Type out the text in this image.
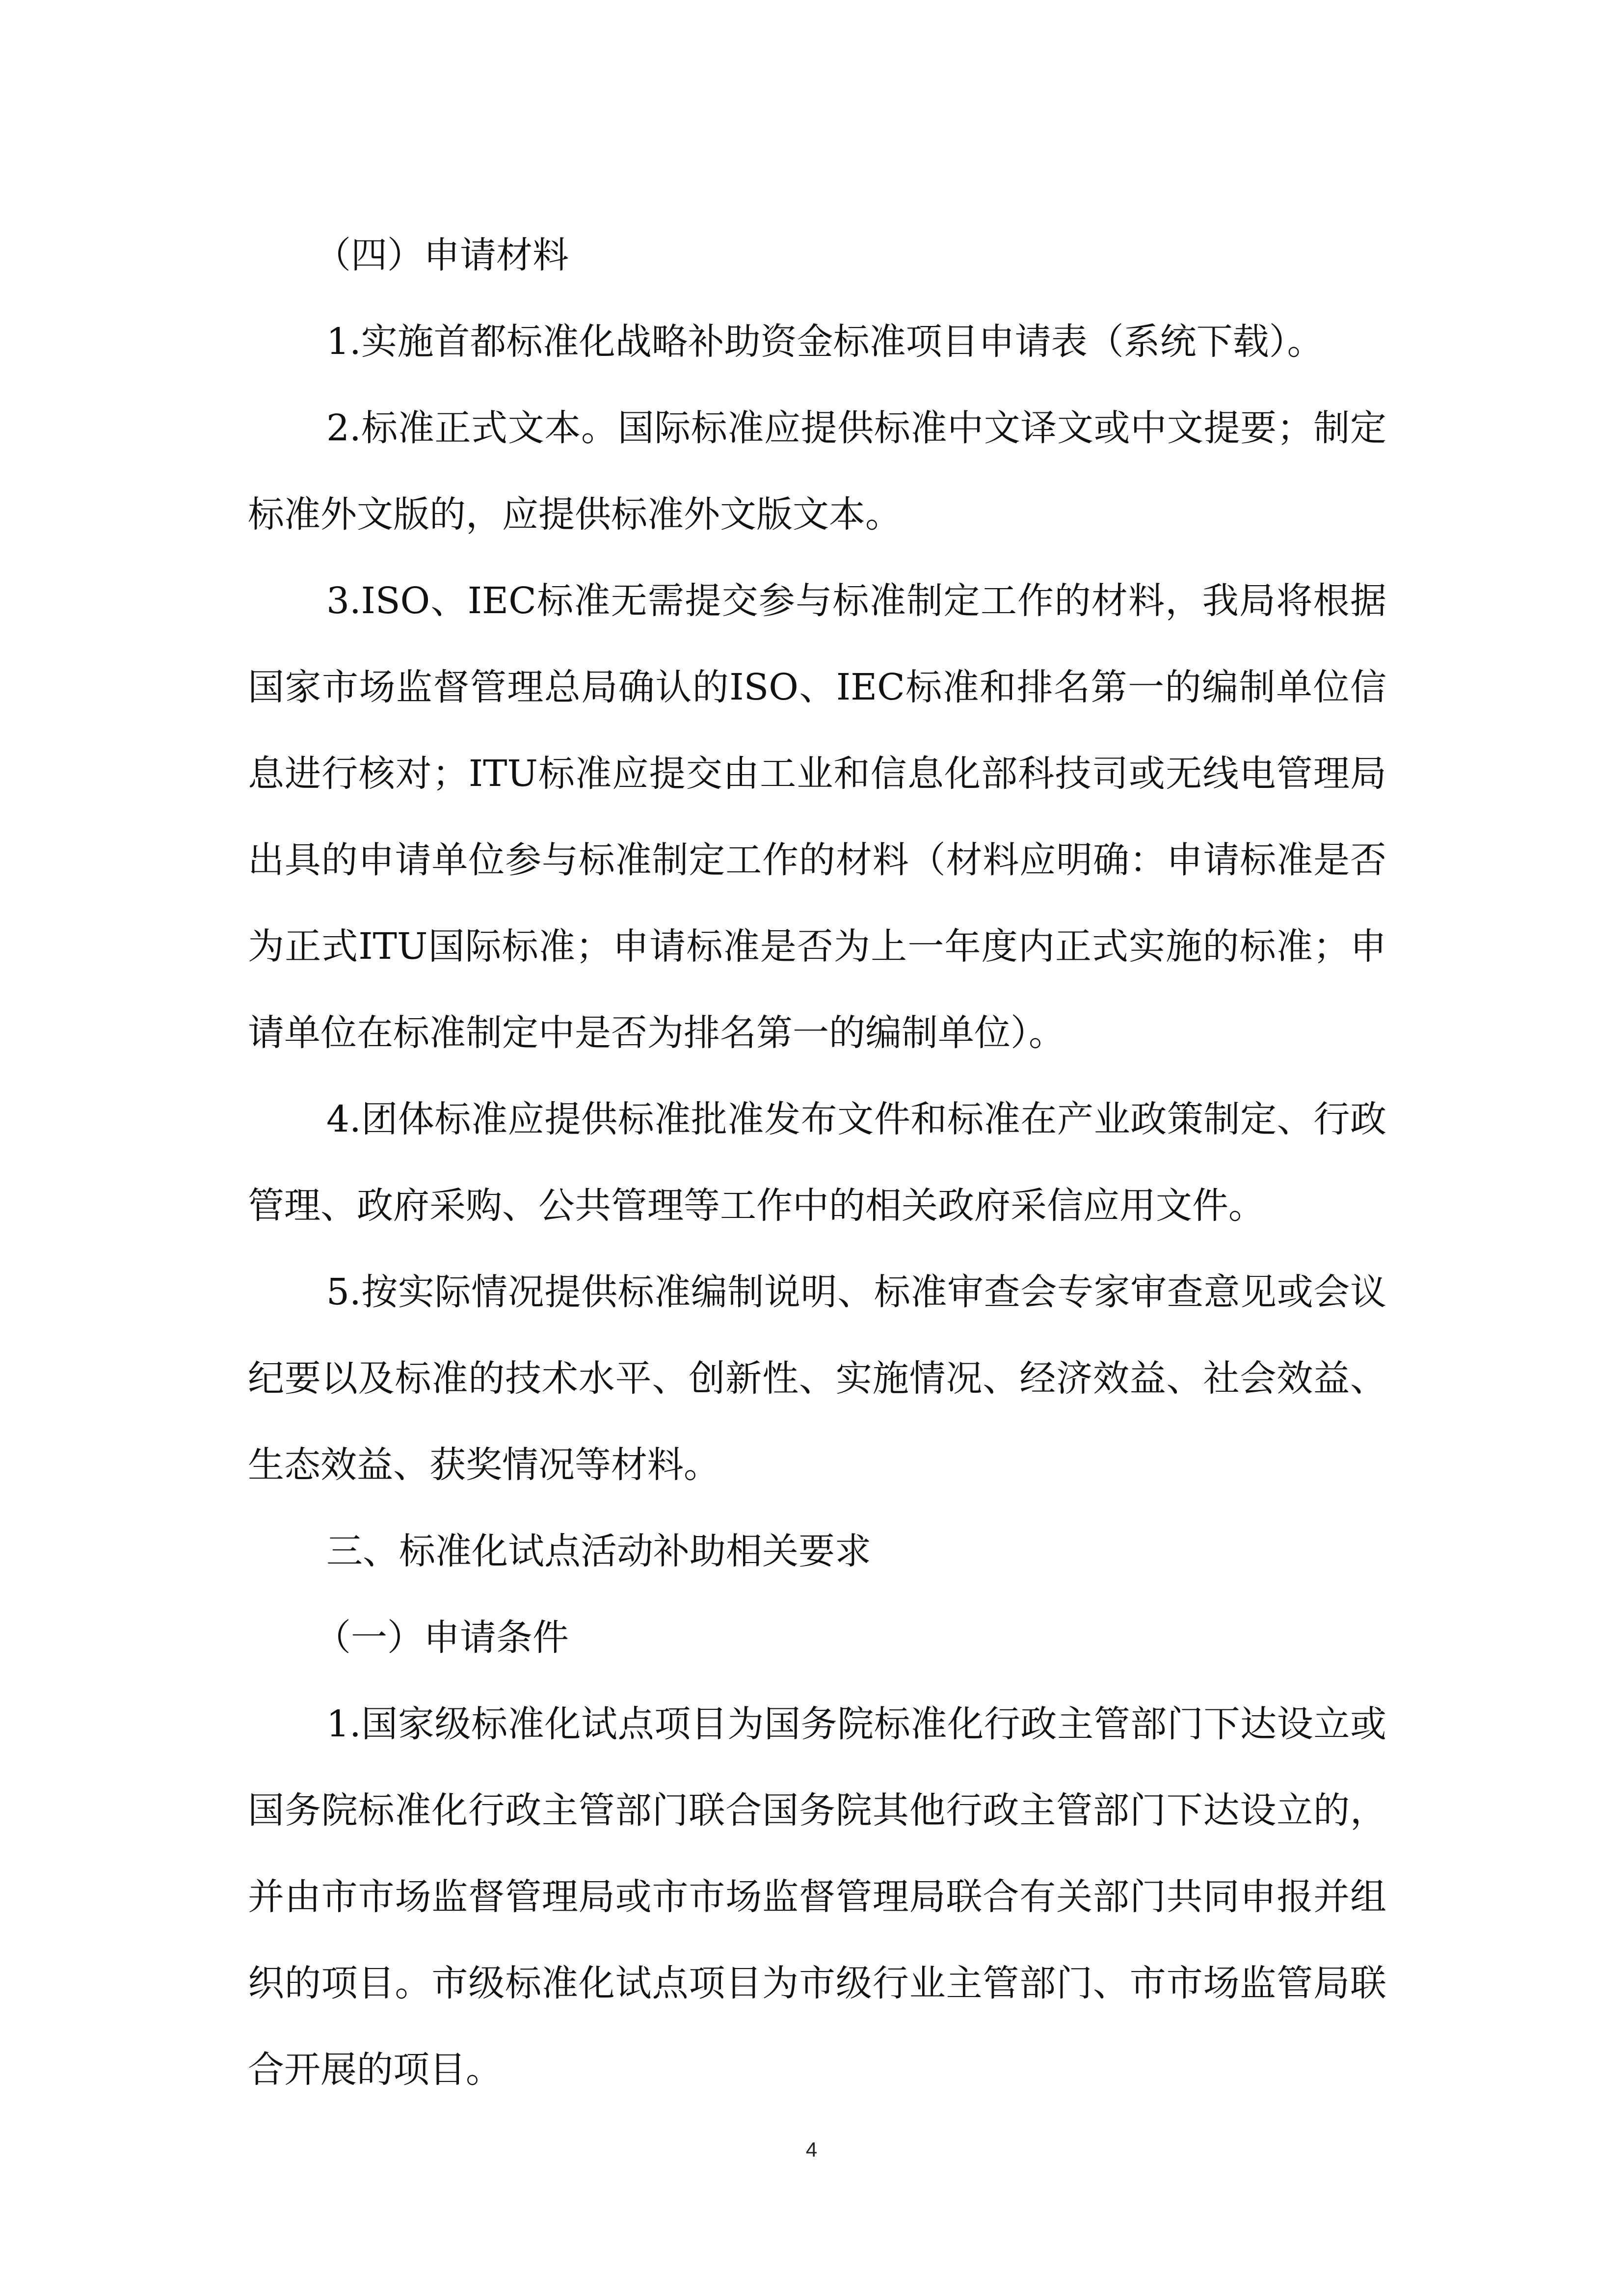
（四）申请材料

1.实施首都标准化战略补助资金标准项目申请表（系统下载）。

2.标准正式文本。国际标准应提供标准中文译文或中文提要；制定标准外文版的，应提供标准外文版文本。

3.ISO、IEC标准无需提交参与标准制定工作的材料，我局将根据国家市场监督管理总局确认的ISO、IEC标准和排名第一的编制单位信息进行核对；ITU标准应提交由工业和信息化部科技司或无线电管理局出具的申请单位参与标准制定工作的材料（材料应明确：申请标准是否为正式ITU国际标准；申请标准是否为上一年度内正式实施的标准；申请单位在标准制定中是否为排名第一的编制单位）。

4.团体标准应提供标准批准发布文件和标准在产业政策制定、行政管理、政府采购、公共管理等工作中的相关政府采信应用文件。

5.按实际情况提供标准编制说明、标准审查会专家审查意见或会议纪要以及标准的技术水平、创新性、实施情况、经济效益、社会效益、生态效益、获奖情况等材料。

三、标准化试点活动补助相关要求

（一）申请条件

1.国家级标准化试点项目为国务院标准化行政主管部门下达设立或国务院标准化行政主管部门联合国务院其他行政主管部门下达设立的，并由市市场监督管理局或市市场监督管理局联合有关部门共同申报并组织的项目。市级标准化试点项目为市级行业主管部门、市市场监管局联合开展的项目。

4
